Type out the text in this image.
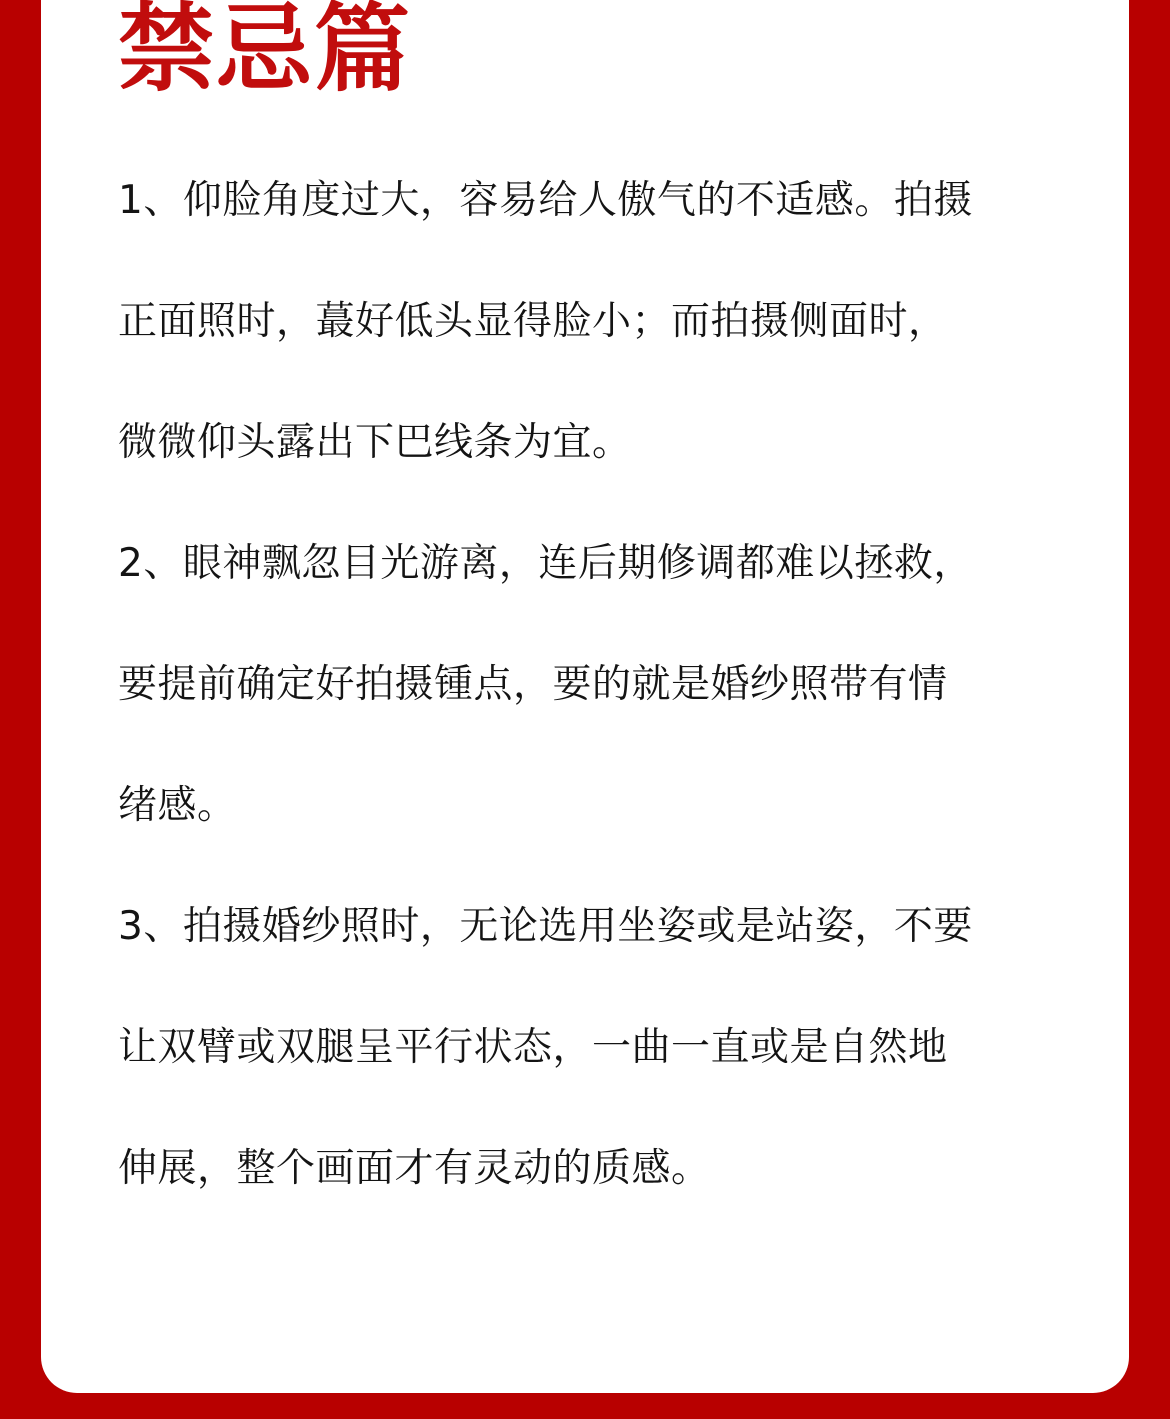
禁忌篇

1、仰脸角度过大，容易给人傲气的不适感。拍摄
正面照时，蕞好低头显得脸小；而拍摄侧面时，
微微仰头露出下巴线条为宜。

2、眼神飘忽目光游离，连后期修调都难以拯救，
要提前确定好拍摄锺点，要的就是婚纱照带有情
绪感。

3、拍摄婚纱照时，无论选用坐姿或是站姿，不要
让双臂或双腿呈平行状态，一曲一直或是自然地
伸展，整个画面才有灵动的质感。
